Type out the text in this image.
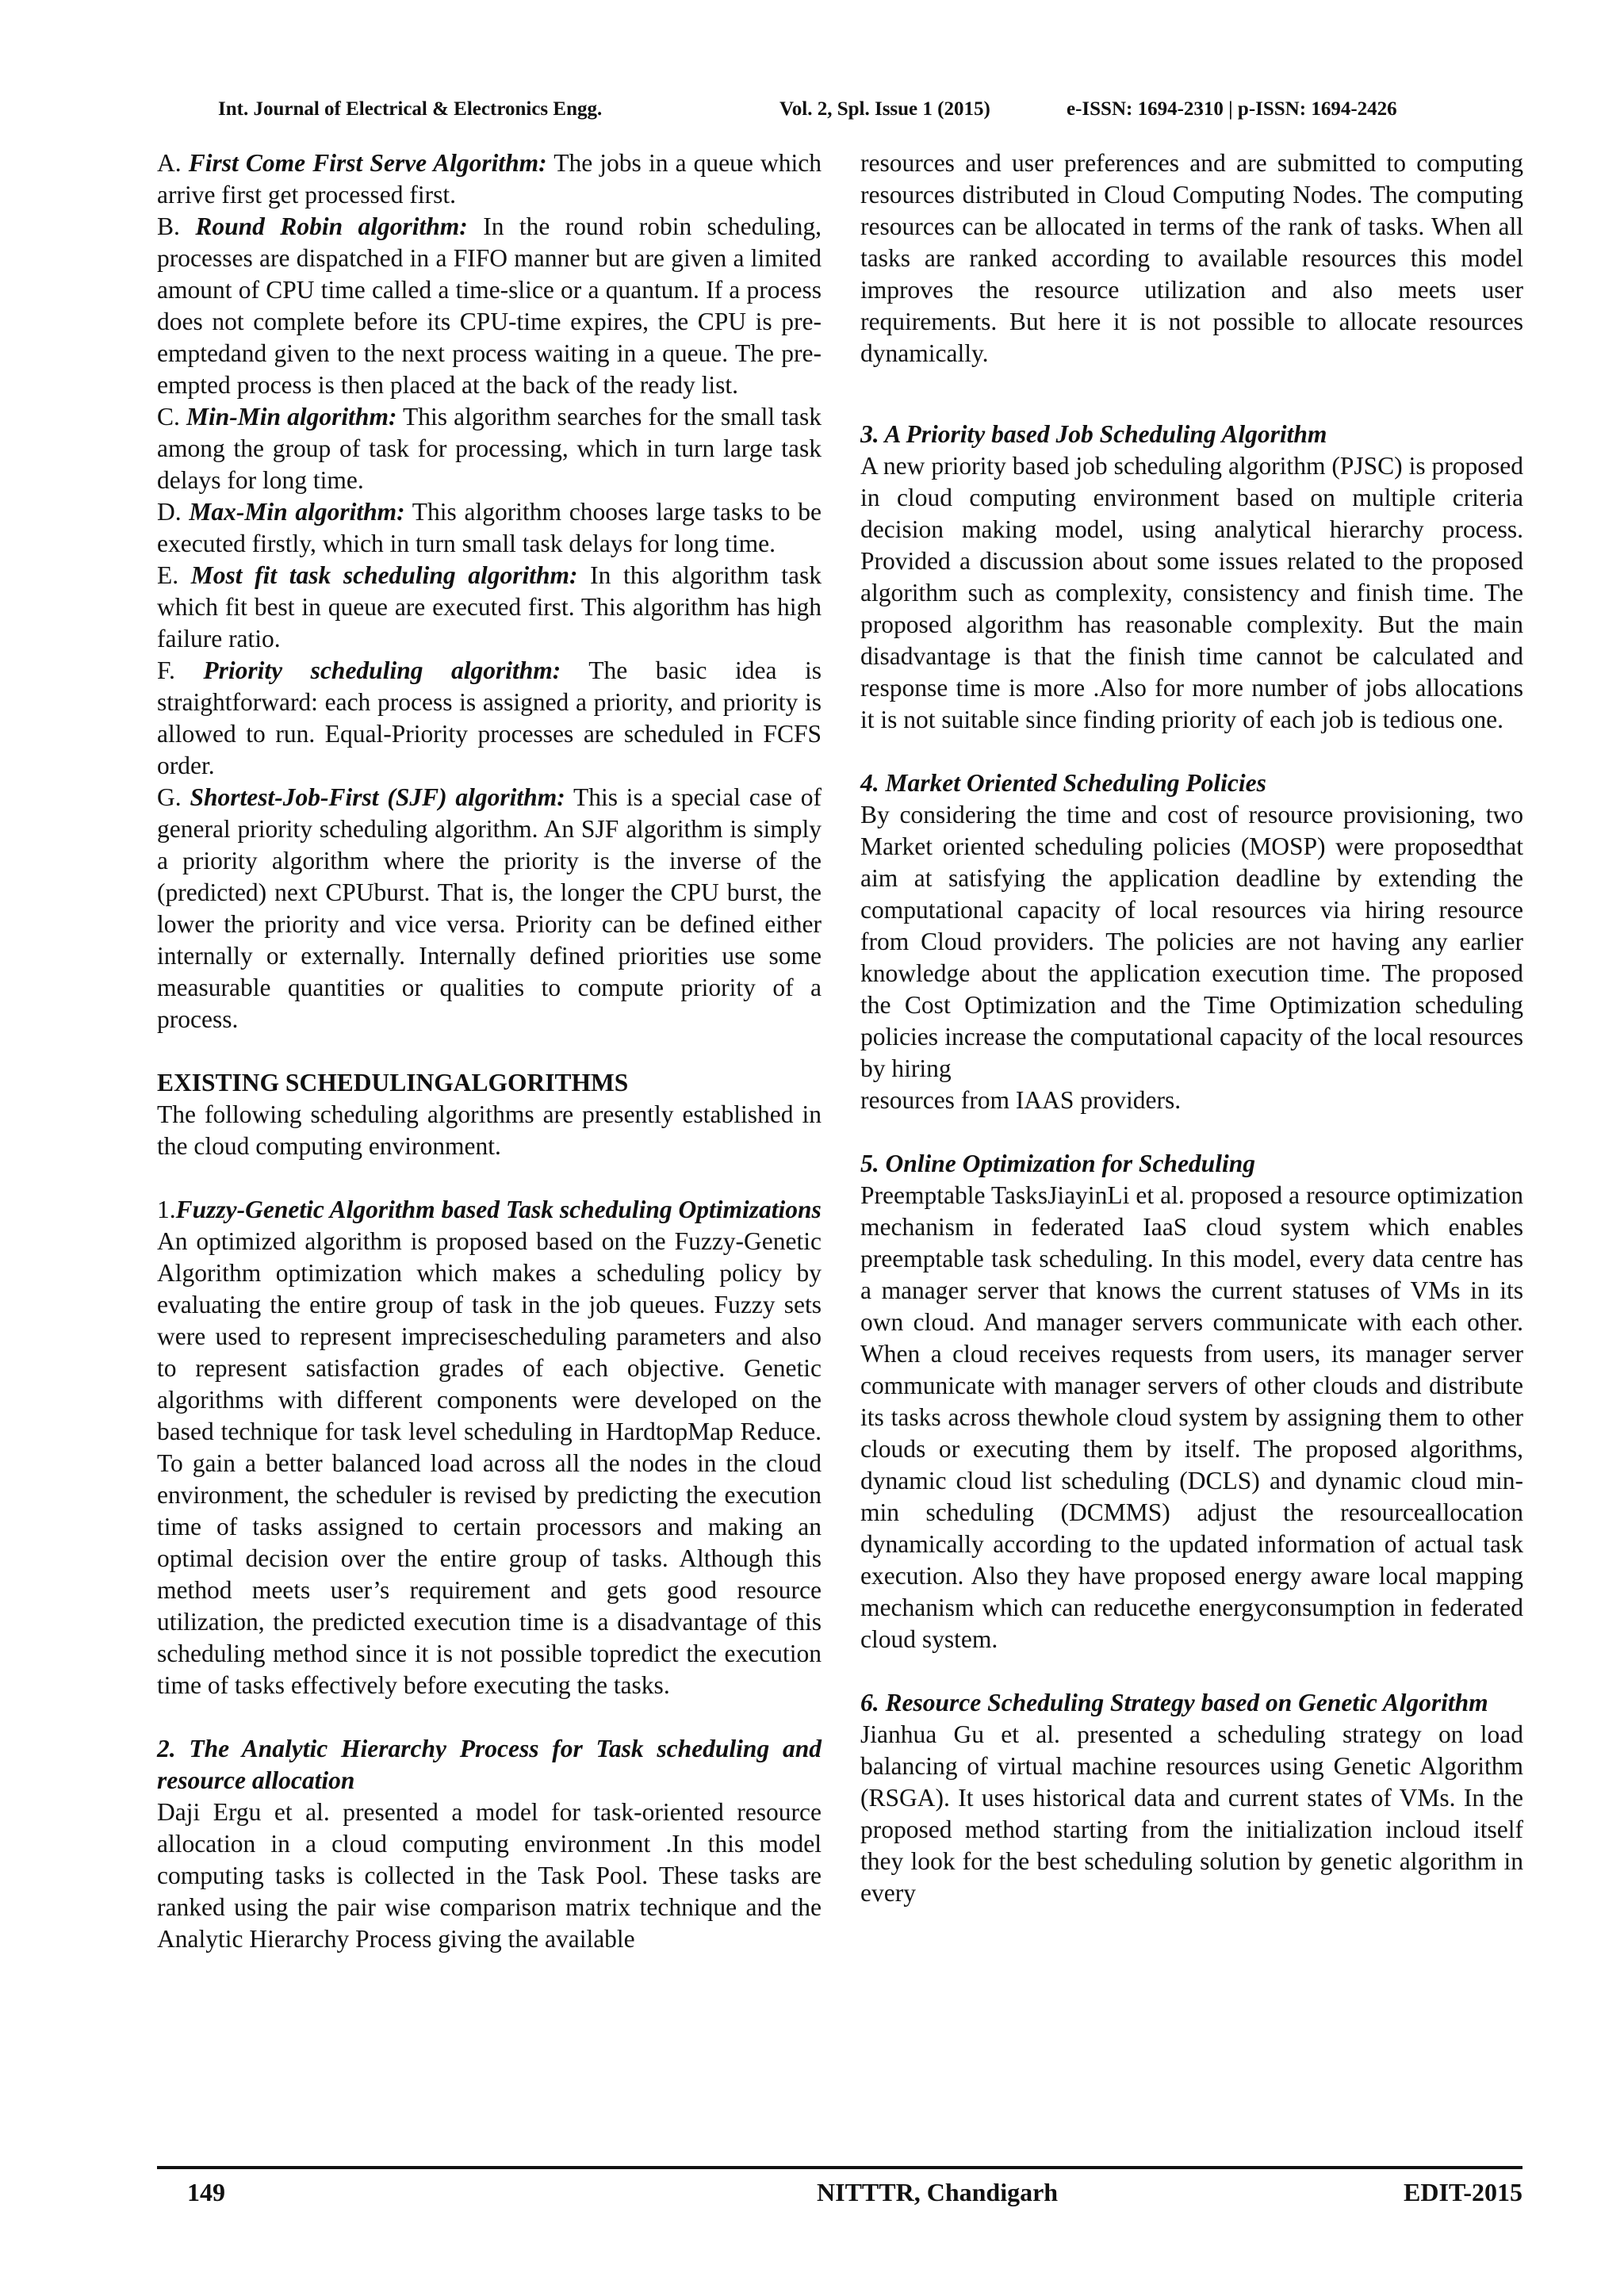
Int. Journal of Electrical & Electronics Engg.	Vol. 2, Spl. Issue 1 (2015)	e-ISSN: 1694-2310 | p-ISSN: 1694-2426

A. First Come First Serve Algorithm: The jobs in a queue which arrive first get processed first.

B. Round Robin algorithm: In the round robin scheduling, processes are dispatched in a FIFO manner but are given a limited amount of CPU time called a time-slice or a quantum. If a process does not complete before its CPU-time expires, the CPU is pre-emptedand given to the next process waiting in a queue. The pre-empted process is then placed at the back of the ready list.

C. Min-Min algorithm: This algorithm searches for the small task among the group of task for processing, which in turn large task delays for long time.

D. Max-Min algorithm: This algorithm chooses large tasks to be executed firstly, which in turn small task delays for long time.

E. Most fit task scheduling algorithm: In this algorithm task which fit best in queue are executed first. This algorithm has high failure ratio.

F. Priority scheduling algorithm: The basic idea is straightforward: each process is assigned a priority, and priority is allowed to run. Equal-Priority processes are scheduled in FCFS order.

G. Shortest-Job-First (SJF) algorithm: This is a special case of general priority scheduling algorithm. An SJF algorithm is simply a priority algorithm where the priority is the inverse of the (predicted) next CPUburst. That is, the longer the CPU burst, the lower the priority and vice versa. Priority can be defined either internally or externally. Internally defined priorities use some measurable quantities or qualities to compute priority of a process.

EXISTING SCHEDULINGALGORITHMS

The following scheduling algorithms are presently established in the cloud computing environment.

1.Fuzzy-Genetic Algorithm based Task scheduling Optimizations

An optimized algorithm is proposed based on the Fuzzy-Genetic Algorithm optimization which makes a scheduling policy by evaluating the entire group of task in the job queues. Fuzzy sets were used to represent imprecisescheduling parameters and also to represent satisfaction grades of each objective. Genetic algorithms with different components were developed on the based technique for task level scheduling in HardtopMap Reduce. To gain a better balanced load across all the nodes in the cloud environment, the scheduler is revised by predicting the execution time of tasks assigned to certain processors and making an optimal decision over the entire group of tasks. Although this method meets user’s requirement and gets good resource utilization, the predicted execution time is a disadvantage of this scheduling method since it is not possible topredict the execution time of tasks effectively before executing the tasks.

2. The Analytic Hierarchy Process for Task scheduling and resource allocation

Daji Ergu et al. presented a model for task-oriented resource allocation in a cloud computing environment .In this model computing tasks is collected in the Task Pool. These tasks are ranked using the pair wise comparison matrix technique and the Analytic Hierarchy Process giving the available

resources and user preferences and are submitted to computing resources distributed in Cloud Computing Nodes. The computing resources can be allocated in terms of the rank of tasks. When all tasks are ranked according to available resources this model improves the resource utilization and also meets user requirements. But here it is not possible to allocate resources dynamically.

3. A Priority based Job Scheduling Algorithm

A new priority based job scheduling algorithm (PJSC) is proposed in cloud computing environment based on multiple criteria decision making model, using analytical hierarchy process. Provided a discussion about some issues related to the proposed algorithm such as complexity, consistency and finish time. The proposed algorithm has reasonable complexity. But the main disadvantage is that the finish time cannot be calculated and response time is more .Also for more number of jobs allocations it is not suitable since finding priority of each job is tedious one.

4. Market Oriented Scheduling Policies

By considering the time and cost of resource provisioning, two Market oriented scheduling policies (MOSP) were proposedthat aim at satisfying the application deadline by extending the computational capacity of local resources via hiring resource from Cloud providers. The policies are not having any earlier knowledge about the application execution time. The proposed the Cost Optimization and the Time Optimization scheduling policies increase the computational capacity of the local resources by hiring

resources from IAAS providers.

5. Online Optimization for Scheduling

Preemptable TasksJiayinLi et al. proposed a resource optimization mechanism in federated IaaS cloud system which enables preemptable task scheduling. In this model, every data centre has a manager server that knows the current statuses of VMs in its own cloud. And manager servers communicate with each other. When a cloud receives requests from users, its manager server communicate with manager servers of other clouds and distribute its tasks across thewhole cloud system by assigning them to other clouds or executing them by itself. The proposed algorithms, dynamic cloud list scheduling (DCLS) and dynamic cloud min-min scheduling (DCMMS) adjust the resourceallocation dynamically according to the updated information of actual task execution. Also they have proposed energy aware local mapping mechanism which can reducethe energyconsumption in federated cloud system.

6. Resource Scheduling Strategy based on Genetic Algorithm

Jianhua Gu et al. presented a scheduling strategy on load balancing of virtual machine resources using Genetic Algorithm (RSGA). It uses historical data and current states of VMs. In the proposed method starting from the initialization incloud itself they look for the best scheduling solution by genetic algorithm in every

149	NITTTR, Chandigarh	EDIT-2015
